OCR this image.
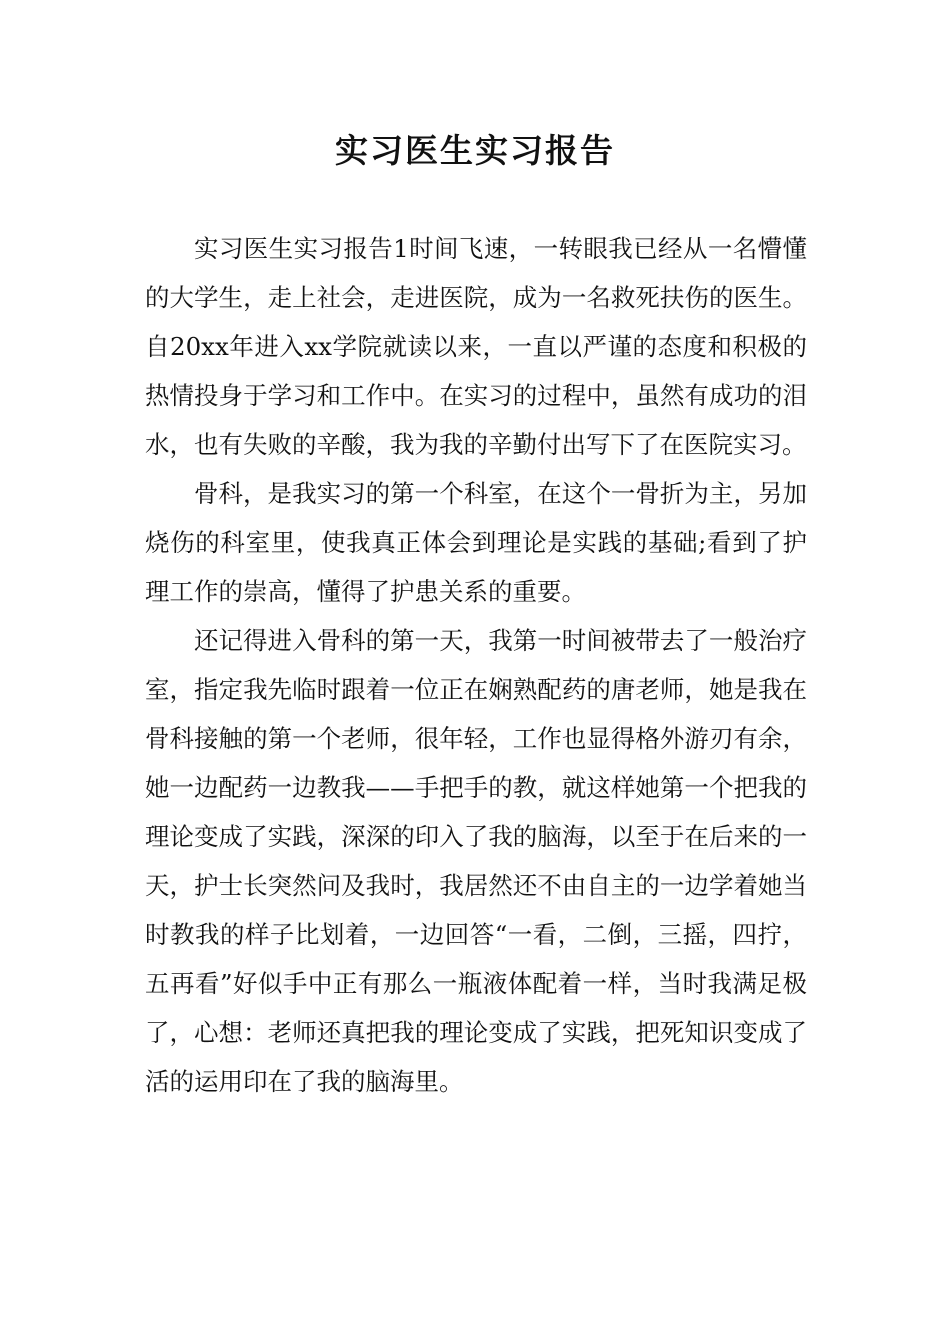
实习医生实习报告

实习医生实习报告1时间飞速，一转眼我已经从一名懵懂的大学生，走上社会，走进医院，成为一名救死扶伤的医生。自20xx年进入xx学院就读以来，一直以严谨的态度和积极的热情投身于学习和工作中。在实习的过程中，虽然有成功的泪水，也有失败的辛酸，我为我的辛勤付出写下了在医院实习。

骨科，是我实习的第一个科室，在这个一骨折为主，另加烧伤的科室里，使我真正体会到理论是实践的基础;看到了护理工作的崇高，懂得了护患关系的重要。

还记得进入骨科的第一天，我第一时间被带去了一般治疗室，指定我先临时跟着一位正在娴熟配药的唐老师，她是我在骨科接触的第一个老师，很年轻，工作也显得格外游刃有余，她一边配药一边教我——手把手的教，就这样她第一个把我的理论变成了实践，深深的印入了我的脑海，以至于在后来的一天，护士长突然问及我时，我居然还不由自主的一边学着她当时教我的样子比划着，一边回答“一看，二倒，三摇，四拧，五再看”好似手中正有那么一瓶液体配着一样，当时我满足极了，心想：老师还真把我的理论变成了实践，把死知识变成了活的运用印在了我的脑海里。
